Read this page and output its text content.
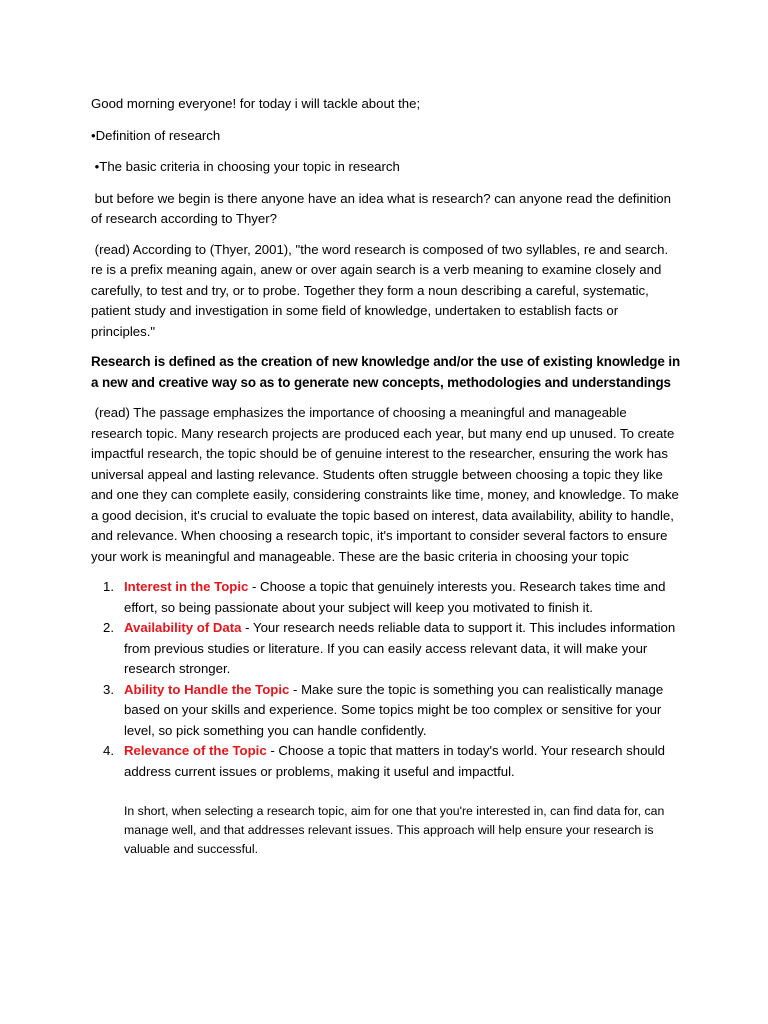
Good morning everyone! for today i will tackle about the;

•Definition of research

•The basic criteria in choosing your topic in research

but before we begin is there anyone have an idea what is research? can anyone read the definition of research according to Thyer?

(read) According to (Thyer, 2001), "the word research is composed of two syllables, re and search. re is a prefix meaning again, anew or over again search is a verb meaning to examine closely and carefully, to test and try, or to probe. Together they form a noun describing a careful, systematic, patient study and investigation in some field of knowledge, undertaken to establish facts or principles."

Research is defined as the creation of new knowledge and/or the use of existing knowledge in a new and creative way so as to generate new concepts, methodologies and understandings

(read) The passage emphasizes the importance of choosing a meaningful and manageable research topic. Many research projects are produced each year, but many end up unused. To create impactful research, the topic should be of genuine interest to the researcher, ensuring the work has universal appeal and lasting relevance. Students often struggle between choosing a topic they like and one they can complete easily, considering constraints like time, money, and knowledge. To make a good decision, it's crucial to evaluate the topic based on interest, data availability, ability to handle, and relevance. When choosing a research topic, it's important to consider several factors to ensure your work is meaningful and manageable. These are the basic criteria in choosing your topic

1. Interest in the Topic - Choose a topic that genuinely interests you. Research takes time and effort, so being passionate about your subject will keep you motivated to finish it.
2. Availability of Data - Your research needs reliable data to support it. This includes information from previous studies or literature. If you can easily access relevant data, it will make your research stronger.
3. Ability to Handle the Topic - Make sure the topic is something you can realistically manage based on your skills and experience. Some topics might be too complex or sensitive for your level, so pick something you can handle confidently.
4. Relevance of the Topic - Choose a topic that matters in today's world. Your research should address current issues or problems, making it useful and impactful.

In short, when selecting a research topic, aim for one that you're interested in, can find data for, can manage well, and that addresses relevant issues. This approach will help ensure your research is valuable and successful.
